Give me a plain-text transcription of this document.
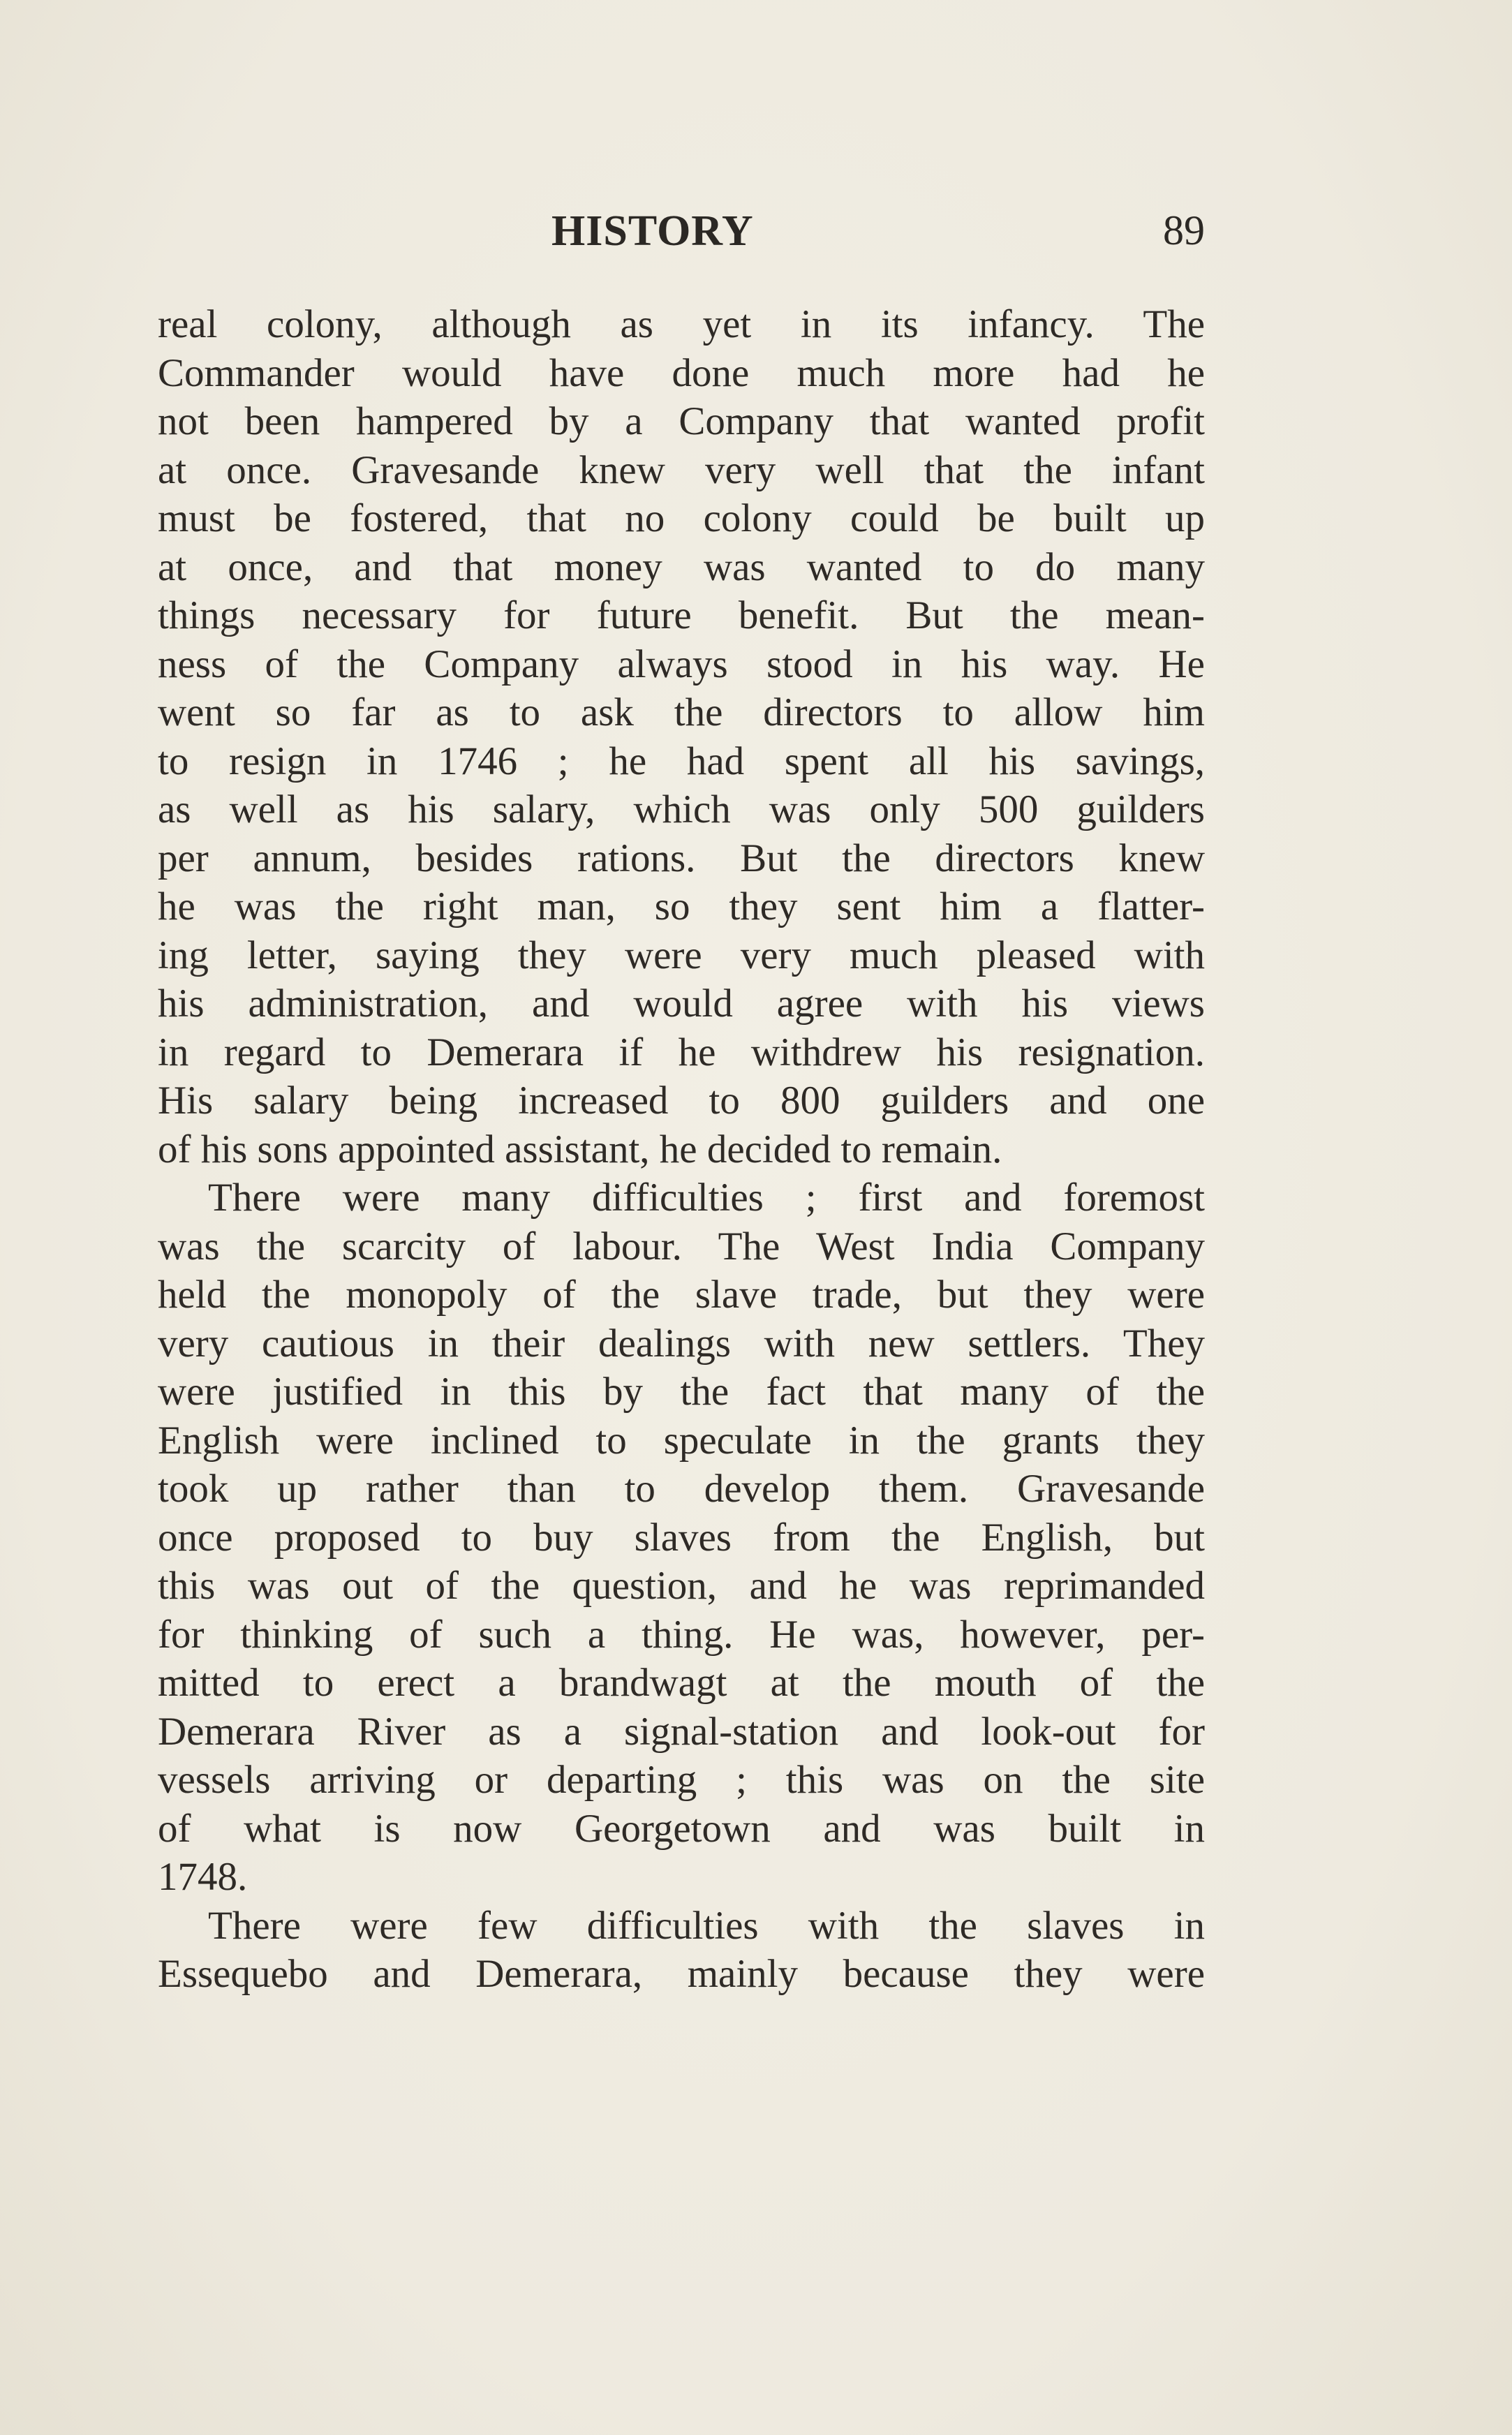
HISTORY	89
real colony, although as yet in its infancy. The
Commander would have done much more had he
not been hampered by a Company that wanted profit
at once. Gravesande knew very well that the infant
must be fostered, that no colony could be built up
at once, and that money was wanted to do many
things necessary for future benefit. But the mean-
ness of the Company always stood in his way. He
went so far as to ask the directors to allow him
to resign in 1746 ; he had spent all his savings,
as well as his salary, which was only 500 guilders
per annum, besides rations. But the directors knew
he was the right man, so they sent him a flatter-
ing letter, saying they were very much pleased with
his administration, and would agree with his views
in regard to Demerara if he withdrew his resignation.
His salary being increased to 800 guilders and one
of his sons appointed assistant, he decided to remain.
There were many difficulties ; first and foremost
was the scarcity of labour. The West India Company
held the monopoly of the slave trade, but they were
very cautious in their dealings with new settlers. They
were justified in this by the fact that many of the
English were inclined to speculate in the grants they
took up rather than to develop them. Gravesande
once proposed to buy slaves from the English, but
this was out of the question, and he was reprimanded
for thinking of such a thing. He was, however, per-
mitted to erect a brandwagt at the mouth of the
Demerara River as a signal-station and look-out for
vessels arriving or departing ; this was on the site
of what is now Georgetown and was built in
1748.
There were few difficulties with the slaves in
Essequebo and Demerara, mainly because they were
